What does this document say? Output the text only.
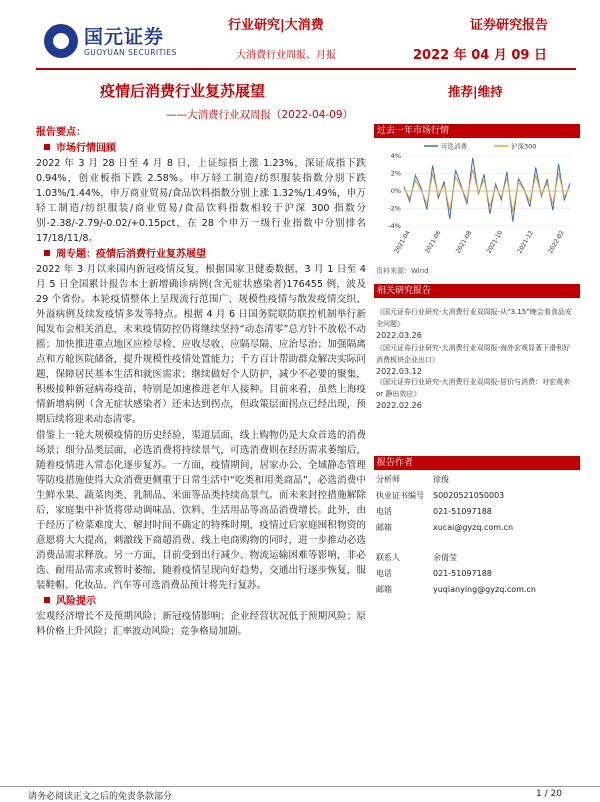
国元证券
GUOYUAN SECURITIES
行业研究|大消费	证券研究报告
大消费行业周报、月报	2022 年 04 月 09 日
疫情后消费行业复苏展望
——大消费行业双周报（2022-04-09）
推荐|维持
报告要点：
市场行情回顾

2022 年 3 月 28 日至 4 月 8 日，上证综指上涨 1.23%，深证成指下跌 0.94%，创业板指下跌 2.58%。申万轻工制造/纺织服装指数分别下跌 1.03%/1.44%，申万商业贸易/食品饮料指数分别上涨 1.32%/1.49%，申万轻工制造/纺织服装/商业贸易/食品饮料指数相较于沪深 300 指数分别-2.38/-2.79/-0.02/+0.15pct，在 28 个申万一级行业指数中分别排名 17/18/11/8。

周专题：疫情后消费行业复苏展望

2022 年 3 月以来国内新冠疫情反复，根据国家卫健委数据，3 月 1 日至 4 月 5 日全国累计报告本土新增确诊病例(含无症状感染者)176455 例，波及 29 个省份。本轮疫情整体上呈现流行范围广、规模性疫情与散发疫情交织、外溢病例及续发疫情多发等特点。根据 4 月 6 日国务院联防联控机制举行新闻发布会相关消息，未来疫情防控仍将继续坚持“动态清零”总方针不放松不动摇；加快推进重点地区应检尽检、应收尽收、应隔尽隔、应治尽治；加强隔离点和方舱医院储备，提升规模性疫情处置能力；千方百计帮助群众解决实际问题，保障居民基本生活和就医需求；继续做好个人防护，减少不必要的聚集，积极接种新冠病毒疫苗，特别是加速推进老年人接种。目前来看，虽然上海疫情新增病例（含无症状感染者）还未达到拐点，但政策层面拐点已经出现，预期后续将迎来动态清零。

借鉴上一轮大规模疫情的历史经验，渠道层面，线上购物仍是大众首选的消费场景；细分品类层面，必选消费将持续景气，可选消费则在经历需求萎缩后，随着疫情进入常态化逐步复苏。一方面，疫情期间，居家办公、全域静态管理等防疫措施使得大众消费更侧重于日常生活中“吃类和用类商品”，必选消费中生鲜水果、蔬菜肉类、乳制品、米面等品类持续高景气。而未来封控措施解除后，家庭集中补货将带动调味品、饮料、生活用品等高品消费增长。此外，由于经历了检菜难度大、解封时间不确定的特殊时期，疫情过后家庭囤积物资的意愿将大大提高，刺激线下商超消费、线上电商购物的同时，进一步推动必选消费品需求释放。另一方面，目前受到出行减少、物流运输困难等影响，非必选、耐用品需求或暂时萎缩，随着疫情呈现向好趋势，交通出行逐步恢复，服装鞋帽、化妆品、汽车等可选消费品预计将先行复苏。

风险提示

宏观经济增长不及预期风险；新冠疫情影响；企业经营状况低于预期风险；原料价格上升风险；汇率波动风险；竞争格局加剧。

过去一年市场行情
可选消费	沪深300
4%
2%
0%
-2%
-4%
2021-04 2021-06 2021-08 2021-10 2021-12 2022-02
资料来源：Wind
相关研究报告
《国元证券行业研究-大消费行业双周报-从“3.15”晚会看食品安全问题》
2022.03.26
《国元证券行业研究-大消费行业双周报-海外宏观显著下滑利好消费板块企业出口》
2022.03.12
《国元证券行业研究-大消费行业双周报-居价与消费：对宏观来 or 静出效应》
2022.02.26
报告作者
分析师	徐俊
执业证书编号 S0020521050003
电话	021-51097188
邮箱	xucai@gyzq.com.cn
联系人	余倩莹
电话	021-51097188
邮箱	yuqianying@gyzq.com.cn
请务必阅读正文之后的免责条款部分	1 / 20
